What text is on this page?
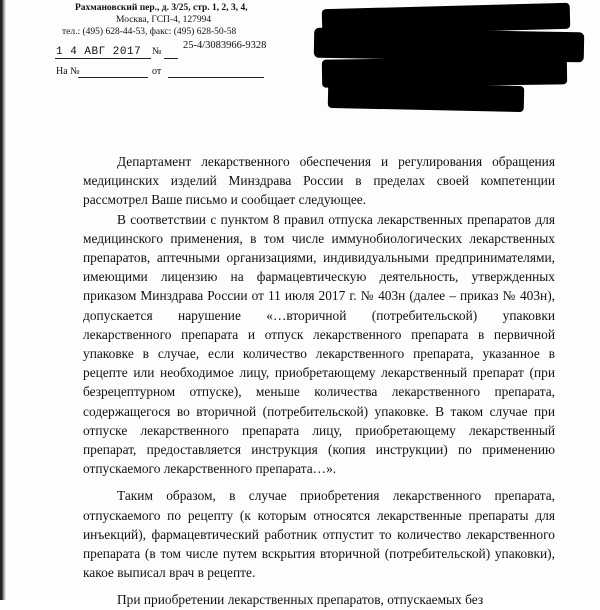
Рахмановский пер., д. 3/25, стр. 1, 2, 3, 4,
Москва, ГСП-4, 127994
тел.: (495) 628-44-53, факс: (495) 628-50-58
1 4 АВГ 2017 №
25-4/3083966-9328
На №	от

Департамент лекарственного обеспечения и регулирования обращения медицинских изделий Минздрава России в пределах своей компетенции рассмотрел Ваше письмо и сообщает следующее.

В соответствии с пунктом 8 правил отпуска лекарственных препаратов для медицинского применения, в том числе иммунобиологических лекарственных препаратов, аптечными организациями, индивидуальными предпринимателями, имеющими лицензию на фармацевтическую деятельность, утвержденных приказом Минздрава России от 11 июля 2017 г. № 403н (далее – приказ № 403н), допускается нарушение «…вторичной (потребительской) упаковки лекарственного препарата и отпуск лекарственного препарата в первичной упаковке в случае, если количество лекарственного препарата, указанное в рецепте или необходимое лицу, приобретающему лекарственный препарат (при безрецептурном отпуске), меньше количества лекарственного препарата, содержащегося во вторичной (потребительской) упаковке. В таком случае при отпуске лекарственного препарата лицу, приобретающему лекарственный препарат, предоставляется инструкция (копия инструкции) по применению отпускаемого лекарственного препарата…».

Таким образом, в случае приобретения лекарственного препарата, отпускаемого по рецепту (к которым относятся лекарственные препараты для инъекций), фармацевтический работник отпустит то количество лекарственного препарата (в том числе путем вскрытия вторичной (потребительской) упаковки), какое выписал врач в рецепте.

При приобретении лекарственных препаратов, отпускаемых без
